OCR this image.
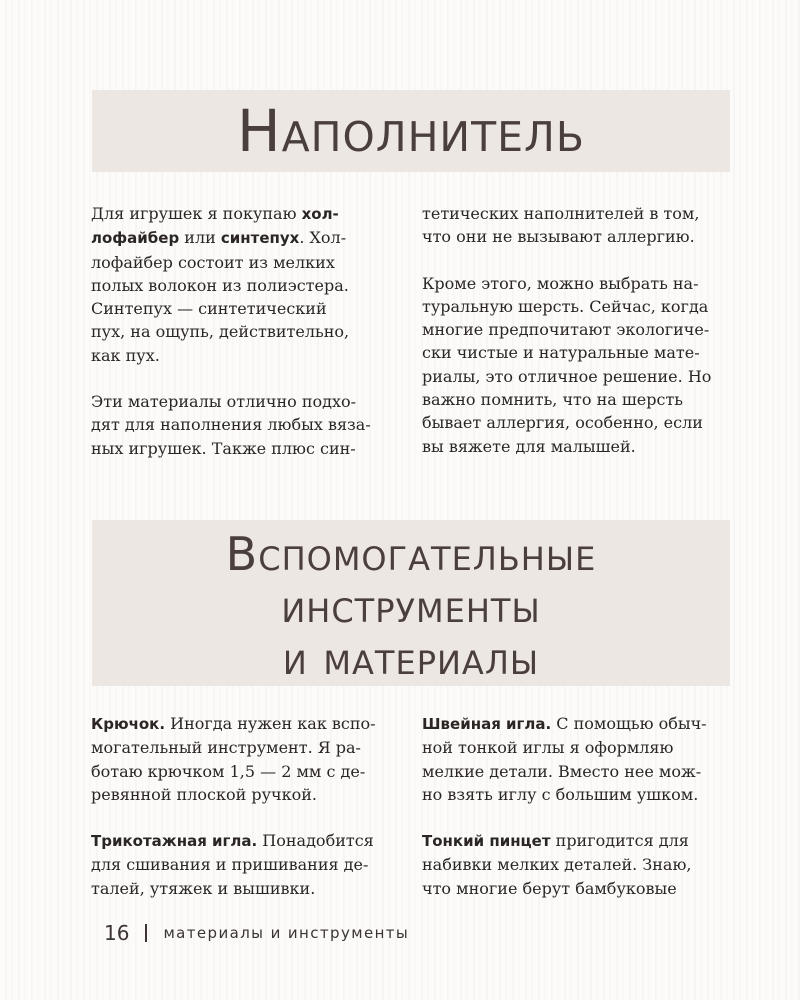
Наполнитель

Для игрушек я покупаю хол-
лофайбер или синтепух. Хол-
лофайбер состоит из мелких
полых волокон из полиэстера.
Синтепух — синтетический
пух, на ощупь, действительно,
как пух.

Эти материалы отлично подхо-
дят для наполнения любых вяза-
ных игрушек. Также плюс син-

тетических наполнителей в том,
что они не вызывают аллергию.

Кроме этого, можно выбрать на-
туральную шерсть. Сейчас, когда
многие предпочитают экологиче-
ски чистые и натуральные мате-
риалы, это отличное решение. Но
важно помнить, что на шерсть
бывает аллергия, особенно, если
вы вяжете для малышей.

Вспомогательные
инструменты
и материалы

Крючок. Иногда нужен как вспо-
могательный инструмент. Я ра-
ботаю крючком 1,5 — 2 мм с де-
ревянной плоской ручкой.

Трикотажная игла. Понадобится
для сшивания и пришивания де-
талей, утяжек и вышивки.

Швейная игла. С помощью обыч-
ной тонкой иглы я оформляю
мелкие детали. Вместо нее мож-
но взять иглу с большим ушком.

Тонкий пинцет пригодится для
набивки мелких деталей. Знаю,
что многие берут бамбуковые

16 материалы и инструменты
